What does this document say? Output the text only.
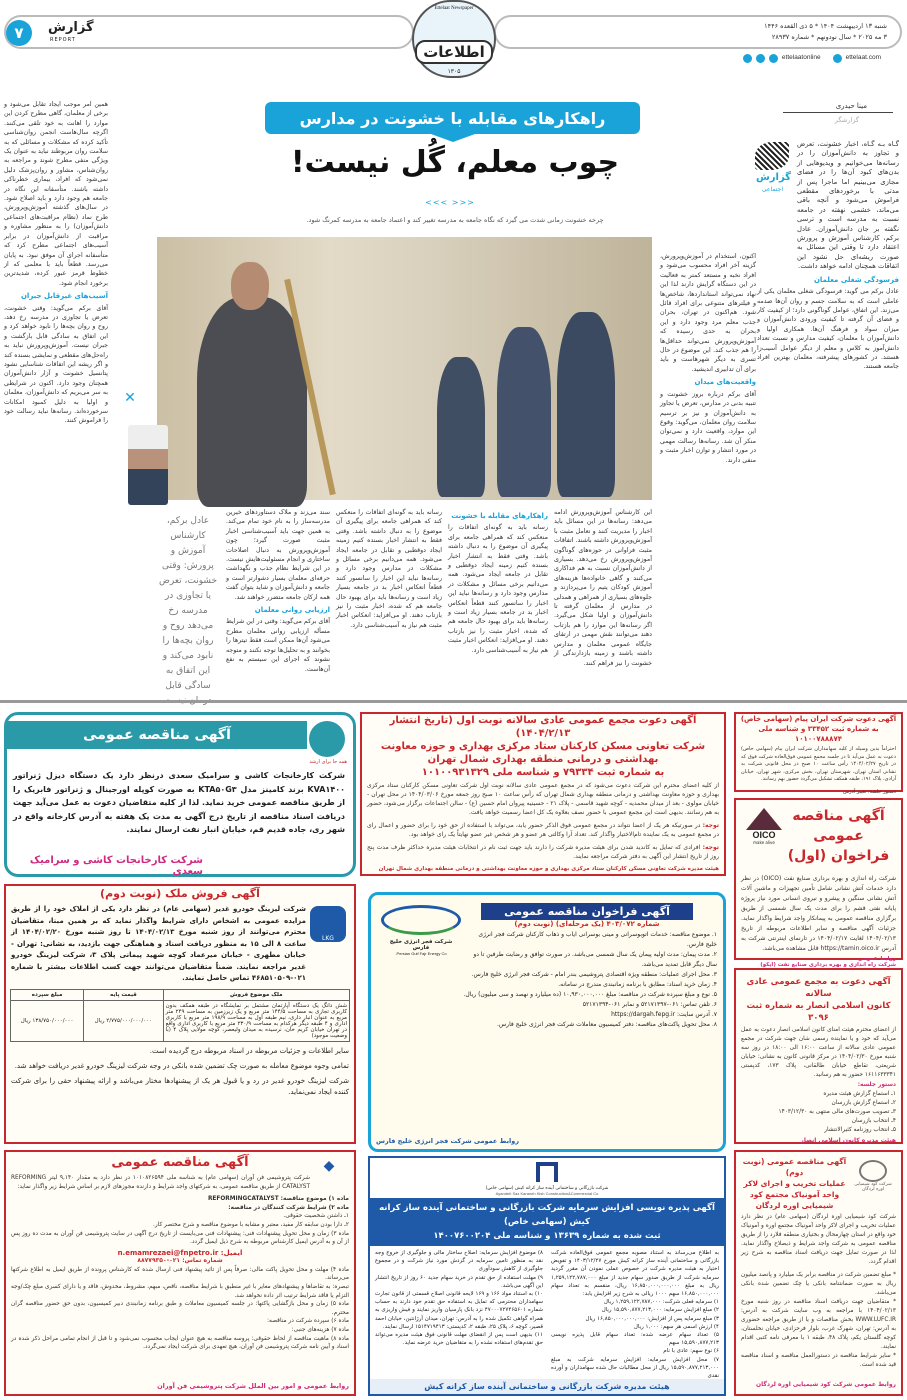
۷	گزارش
REPORT
Ettelaat Newspaper
اطلاعات
۱۳۰۵
شنبه ۱۳ اردیبهشت ۱۴۰۴ * ۵ ذی القعده ۱۴۴۶
۳ مه ۲۰۲۵ * سال نودونهم * شماره ۲۸۹۳۷
ettelaatonline	ettelaat.com
راهکارهای مقابله با خشونت در مدارس
چوب معلم، گُل نیست!
<<< >>>
چرخه خشونت زمانی شدت می گیرد که نگاه جامعه به مدرسه تغییر کند و اعتماد جامعه به مدرسه کمرنگ شود.
مینا حیدری
گزارشگر
گزارش
اجتماعی
گـاه بـه گـاه، اخبار خشونت، تعرض و تجاوز به دانش‌آموزان را در رسانه‌ها می‌خوانیم و ویدیوهایی از بدن‌های کبود آن‌ها را در فضای مجازی می‌بینیم اما ماجرا پس از مدتی با برخوردهای مقطعی فراموش می‌شود و آنچه باقی می‌ماند، خشمی نهفته در جامعه نسبت به مدرسه است و ترسی نگفته بر جان دانش‌آموزان. عادل برکم، کارشناس آموزش و پرورش اعتقاد دارد تا وقتی این مسائل به صورت ریشه‌ای حل نشود این اتفاقات همچنان ادامه خواهد داشت.
فرسودگی شغلی معلمان
عادل برکم می گوید: فرسودگی شغلی معلمان یکی از عاملی است که به سلامت جسم و روان آن‌ها صدمه می‌زند. این اتفاق، عوامل گوناگونی دارد؛ از کیفیت کار و فضای آن گرفته تا کیفیت ورودی دانش‌آموزان و میزان سواد و فرهنگ آن‌ها. همکاری اولیا و دانش‌آموزان با معلمان، کیفیت مدارس و نسبت تعداد دانش‌آموز به کلاس و معلم از دیگر عوامل آسیب‌زا هستند. در کشورهای پیشرفته، معلمان بهترین افراد جامعه هستند.
اکنون، استخدام در آموزش‌وپرورش، گزینه آخر افراد محسوب می‌شود و افراد نخبه و مستعد کمتر به فعالیت در این دستگاه گرایش دارند لذا این نهاد نمی‌تواند استانداردها، شاخص‌ها و فیلترهای متنوعی برای افراد قائل شود. هم‌اکنون در تهران، بحران جذب معلم مرد وجود دارد و این بحران به حدی رسیده که آموزش‌وپرورش نمی‌تواند حداقل‌ها را هم جذب کند. این موضوع در حال تسری به دیگر شهرهاست و باید برای آن تدابیری اندیشید.
واقعیت‌های میدان
آقای برکم درباره بروز خشونت و تنبیه بدنی در مدارس، تعرض یا تجاوز به دانش‌آموزان و نیز بر ترسیم سلامت روان معلمان، می‌گوید: وقوع این موارد، واقعیت دارد و نمی‌توان منکر آن شد. رسانه‌ها رسالت مهمی در مورد انتشار و توازن اخبار مثبت و منفی دارند.
این کارشناس آموزش‌وپرورش ادامه می‌دهد: رسانه‌ها در این مسائل باید اخبار را مدیریت کنند و تعامل مثبت با آموزش‌وپرورش داشته باشند. اتفاقات مثبت فراوانی در حوزه‌های گوناگون آموزش‌وپرورش رخ می‌دهد. بسیاری از دانش‌آموزان نسبت به هم فداکاری می‌کنند و گاهی خانواده‌ها هزینه‌های آموزش کودکان یتیم را می‌پردازند و جلوه‌های بسیاری از همراهی و همدلی در مدارس از معلمان گرفته تا دانش‌آموزان و اولیا شکل می‌گیرد. اگر رسانه‌ها این موارد را هم بازتاب دهند می‌توانند نقش مهمی در ارتقای جایگاه عمومی معلمان و مدارس داشته باشند و زمینه بازدارندگی از خشونت را نیز فراهم کنند.
راهکارهای مقابله با خشونت
رسانه باید به گونه‌ای اتفاقات را منعکس کند که همراهی جامعه برای پیگیری آن موضوع را به دنبال داشته باشد. وقتی فقط به انتشار اخبار بسنده کنیم زمینه ایجاد دوقطبی و تقابل در جامعه ایجاد می‌شود. همه می‌دانیم برخی مسائل و مشکلات در مدارس وجود دارد و رسانه‌ها نباید این اخبار را سانسور کنند قطعاً انعکاس اخبار بد در جامعه بسیار زیاد است و رسانه‌ها باید برای بهبود حال جامعه هم که شده، اخبار مثبت را نیز بازتاب دهند. او می‌افزاید: انعکاس اخبار مثبت هم نیاز به آسیب‌شناسی دارد.
رسانه باید به گونه‌ای اتفاقات را منعکس کند که همراهی جامعه برای پیگیری آن موضوع را به دنبال داشته باشد. وقتی فقط به انتشار اخبار بسنده کنیم زمینه ایجاد دوقطبی و تقابل در جامعه ایجاد می‌شود. همه می‌دانیم برخی مسائل و مشکلات در مدارس وجود دارد و رسانه‌ها نباید این اخبار را سانسور کنند قطعاً انعکاس اخبار بد در جامعه بسیار زیاد است و رسانه‌ها باید برای بهبود حال جامعه هم که شده، اخبار مثبت را نیز بازتاب دهند. او می‌افزاید: انعکاس اخبار مثبت هم نیاز به آسیب‌شناسی دارد.
سند می‌زند و ملاک دستاوردهای خیرین مدرسه‌ساز را به نام خود تمام می‌کند. به همین جهت باید آسیب‌شناسی اخبار مثبت صورت گیرد؛ چون آموزش‌وپرورش به دنبال اصلاحات ساختاری و انجام مسئولیت‌هایش نیست. در این شرایط نظام جذب و نگهداشت حرفه‌ای معلمان بسیار دشوارتر است و جامعه و دانش‌آموزان و شاید بتوان گفت همه ارکان جامعه متضرر خواهند شد.
ارزیابی روانی معلمان
آقای برکم می‌گوید: وقتی در این شرایط مسأله ارزیابی روانی معلمان مطرح می‌شود آن‌ها ممکن است فقط تیترها را بخوانند و به تحلیل‌ها توجه نکنند و متوجه نشوند که اجرای این سیستم به نفع آن‌هاست.
عادل برکم، کارشناس آموزش و پرورش: وقتی خشونت، تعرض یا تجاوزی در مدرسه رخ می‌دهد روح و روان بچه‌ها را نابود می‌کند و این اتفاق به سادگی قابل درمان نیست
✕
همین امر موجب ایجاد تقابل می‌شود و برخی از معلمان، گاهی مطرح کردن این موارد را اهانت به خود تلقی می‌کنند. اگرچه سال‌هاست انجمن روان‌شناسی تأکید کرده که مشکلات و مسائلی که به سلامت روان مربوطند نباید به عنوان یک ویژگی منفی مطرح شوند و مراجعه به روان‌شناس، مشاور و روان‌پزشک دلیل نمی‌شود که افراد، بیماری خطرناکی داشته باشند. متأسفانه این نگاه در جامعه هم وجود دارد و باید اصلاح شود. در سال‌های گذشته آموزش‌وپرورش، طرح نماد (نظام مراقبت‌های اجتماعی دانش‌آموزان) را به منظور مشاوره و مراقبت از دانش‌آموزان در برابر آسیب‌های اجتماعی مطرح کرد که متأسفانه اجرای آن موفق نبود. به پایان می‌رسد. قطعاً باید با معلمی که از خطوط قرمز عبور کرده، شدیدترین برخورد انجام شود.
آسیب‌های غیرقابل جبران
آقای برکم می‌گوید: وقتی خشونت، تعرض یا تجاوزی در مدرسه رخ دهد، روح و روان بچه‌ها را نابود خواهد کرد و این اتفاق به سادگی قابل بازگشت و جبران نیست. آموزش‌وپرورش نباید به راه‌حل‌های مقطعی و نمایشی بسنده کند و اگر ریشه این اتفاقات شناسایی نشود پتانسیل خشونت و آزار دانش‌آموزان همچنان وجود دارد. اکنون در شرایطی به سر می‌بریم که دانش‌آموزان، معلمان و اولیا به دلیل کمبود امکانات سرخورده‌اند. رسانه‌ها نباید رسالت خود را فراموش کنند.
آگهی مناقصه عمومی
همه جا برای ارشد
شرکت کارخانجات کاشی و سرامیک سعدی درنظر دارد یک دستگاه دیزل ژنراتور KVA۱۴۰۰ برند کامینز مدل KTA۵۰G۳ به صورت کوپله اورجینال و ژنراتور فابریک را از طریق مناقصه عمومی خرید نماید. لذا از کلیه متقاضیان دعوت به عمل می‌آید جهت دریافت اسناد مناقصه از تاریخ درج آگهی به مدت یک هفته به آدرس کارخانه واقع در شهر ری، جاده قدیم قم، خیابان انبار نفت ارسال نمایند.
شرکت کارخانجات کاشی و سرامیک سعدی
آگهی دعوت مجمع عمومی عادی سالانه نوبت اول (تاریخ انتشار ۱۴۰۴/۲/۱۳)
شرکت تعاونی مسکن کارکنان ستاد مرکزی بهداری و حوزه معاونت بهداشتی و درمانی منطقه بهداری شمال تهران
به شماره ثبت ۷۹۳۳۴ و شناسه ملی ۱۰۱۰۰۹۳۱۳۲۹
از کلیه اعضای محترم این شرکت دعوت می‌شود که در مجمع عمومی عادی سالانه نوبت اول شرکت تعاونی مسکن کارکنان ستاد مرکزی بهداری و حوزه معاونت بهداشتی و درمانی منطقه بهداری شمال تهران که رأس ساعت ۱۰ صبح روز جمعه مورخ ۱۴۰۴/۰۳/۰۶ در محل تهران - خیابان مولوی - بعد از میدان محمدیه - کوچه شهید قاسمی - پلاک ۲۱ - حسینیه پیروان امام حسین (ع) - سالن اجتماعات برگزار می‌شود، حضور به هم رسانند. بدیهی است این مجمع عمومی با حضور نصف بعلاوه یک کل اعضا رسمیت خواهد یافت.
توجه: در صورتیکه هر یک از اعضا نتواند در مجمع عمومی فوق الذکر حضور یابد، می‌تواند با استفاده از حق خود را برای حضور و اعمال رای در مجمع عمومی به یک نماینده تام‌الاختیار واگذار کند. تعداد آرا وکالتی هر عضو و هر شخص غیر عضو نهایتاً یک رای خواهد بود.
توجه: افرادی که تمایل به کاندید شدن برای هیئت مدیره شرکت را دارند باید جهت ثبت نام در انتخابات هیئت مدیره حداکثر ظرف مدت پنج روز از تاریخ انتشار این آگهی به دفتر شرکت مراجعه نمایند.
هیئت مدیره شرکت تعاونی مسکن کارکنان ستاد مرکزی بهداری و حوزه معاونت بهداشتی و درمانی منطقه بهداری شمال تهران
آگهی دعوت شرکت ایران پیام (سهامی خاص)
به شماره ثبت ۳۳۴۵۲ و شناسه ملی ۱۰۱۰۰۷۸۸۸۷۴
احتراماً بدین وسیله از کلیه سهامداران شرکت ایران پیام (سهامی خاص) دعوت به عمل می‌آید تا در جلسه مجمع عمومی فوق‌العاده شرکت فوق که در تاریخ ۱۴۰۴/۰۲/۲۷ رأس ساعت ۱۰ صبح در محل قانونی شرکت به نشانی استان تهران، شهرستان تهران، بخش مرکزی، شهر تهران، خیابان آزادی، پلاک ۱۹۱، طبقه همکف تشکیل می‌گردد حضور بهم رسانند.
دستور جلسه: تغییر آدرس
OICO
make alive
آگهی مناقصه عمومی
فراخوان (اول)
شرکت راه اندازی و بهره برداری صنایع نفت (OICO) در نظر دارد خدمات آتش نشانی شامل تأمین تجهیزات و ماشین آلات آتش نشانی سنگین و پیشرو و نیروی انسانی مورد نیاز پروژه پایانه نفتی قشم را برای مدت یک سال شمسی از طریق برگزاری مناقصه عمومی به پیمانکار واجد شرایط واگذار نماید. جزئیات آگهی مناقصه و سایر اطلاعات مربوطه از تاریخ ۱۴۰۴/۰۲/۱۳ لغایت ۱۴۰۴/۰۲/۱۷ در تارنمای اینترنتی شرکت به آدرس https://tamin.oico.ir قابل مشاهده می‌باشد.
روابط عمومی
شرکت راه اندازی و بهره برداری صنایع نفت (ایکو)
آگهی فروش ملک (نوبت دوم)
LKG
شرکت لیزینگ خودرو غدیر (سهامی عام) در نظر دارد یکی از املاک خود را از طریق مزایده عمومی به اشخاص دارای شرایط واگذار نماید که بر همین مبنا، متقاضیان محترم می‌توانند از روز شنبه مورخ ۱۴۰۴/۰۲/۱۳ تا روز شنبه مورخ ۱۴۰۴/۰۲/۲۰ از ساعت ۸ الی ۱۵ به منظور دریافت اسناد و هماهنگی جهت بازدید، به نشانی: تهران - خیابان مطهری - خیابان میرعماد کوچه شهید پیمانی پلاک ۳، شرکت لیزینگ خودرو غدیر مراجعه نمایند. ضمناً متقاضیان می‌توانند جهت کسب اطلاعات بیشتر با شماره ۰۲۱-۴۶۸۵۱۰۵۰۹ تماس حاصل نمایند.
ملک موضوع فروش	قیمت پایه	مبلغ سپرده
شش دانگ یک دستگاه آپارتمان مشتمل بر نمایشگاه در طبقه همکف بدون کاربری تجاری به مساحت ۱۴۴/۵ متر مربع و یک زیرزمین به مساحت ۲۴۹ متر مربع به عنوان انبار داری، نیم طبقه اول به مساحت ۱۹۸/۹ متر مربع با کاربری اداری و ۴ طبقه دیگر هرکدام به مساحت ۲۳۰/۹ متر مربع با کاربری اداری واقع در تهران خیابان کریم خان، نرسیده به میدان ولیعصر، کوچه مولایی پلاک ۴ (با وضعیت موجود)	۲/۷۷۵/۰۰۰/۰۰۰/۰۰۰ ریال	۱۳۸/۷۵۰/۰۰۰/۰۰۰ ریال
سایر اطلاعات و جزئیات مربوطه در اسناد مربوطه درج گردیده است.
تمامی وجوه موضوع معامله به صورت چک تضمین شده بانکی در وجه شرکت لیزینگ خودرو غدیر دریافت خواهد شد.
شرکت لیزینگ خودرو غدیر در رد و یا قبول هر یک از پیشنهادها مختار می‌باشد و ارائه پیشنهاد حقی را برای شرکت کننده ایجاد نمی‌نماید.
شرکت فجر انرژی خلیج فارس
Persian Gulf Fajr Energy Co.
آگهی فراخوان مناقصه عمومی
شماره ۴۰۳/۰۷۲ (یک مرحله‌ای) (نوبت دوم)
۱. موضوع مناقصه: خدمات اتوبوسرانی و مینی بوسرانی ایاب و ذهاب کارکنان شرکت فجر انرژی خلیج فارس.
۲. مدت پیمان: مدت اولیه پیمان یک سال شمسی می‌باشد. در صورت توافق و رضایت طرفین تا دو سال دیگر قابل تمدید می‌باشد.
۳. محل اجرای عملیات: منطقه ویژه اقتصادی پتروشیمی بندر امام - شرکت فجر انرژی خلیج فارس.
۴. زمان خرید اسناد: مطابق با برنامه زمانبندی مندرج در سامانه.
۵. نوع و مبلغ سپرده شرکت در مناقصه: مبلغ ۱۰,۹۳۰,۰۰۰,۰۰۰ (ده میلیارد و نهصد و سی میلیون) ریال.
۶. تلفن تماس: ۰۶۱-۵۲۱۷۱۳۹۷ و نمابر ۰۶۱-۵۲۱۷۱۳۹۴
۷. آدرس سایت: https://dargah.fepg.ir
۸. محل تحویل پاکت‌های مناقصه: دفتر کمیسیون معاملات شرکت فجر انرژی خلیج فارس.
روابط عمومی شرکت فجر انرژی خلیج فارس
آگهی دعوت به مجمع عمومی عادی سالانه
کانون اسلامی انصار به شماره ثبت ۳۰۹۶
از اعضای محترم هیئت امنای کانون اسلامی انصار دعوت به عمل می‌آید که خود و یا نماینده رسمی شان جهت شرکت در مجمع عمومی عادی سالانه از ساعت ۱۶:۰۰ الی ۱۸:۰۰ در روز سه شنبه مورخ ۱۴۰۴/۰۲/۳۰ در مرکز قانونی کانون به نشانی: خیابان شریعتی، تقاطع خیابان طالقانی، پلاک ۱۷۳، کدپستی ۱۶۱۱۶۳۳۳۴۱ حضور به هم رسانید.
دستور جلسه:
۱ـ استماع گزارش هیئت مدیره
۲ـ استماع گزارش بازرسان
۳ـ تصویب صورت‌های مالی منتهی به ۱۴۰۳/۱۲/۳۰
۴ـ انتخاب بازرسان
۵ـ انتخاب روزنامه کثیرالانتشار
هیئت مدیره کانون اسلامی انصار
◆
آگهی مناقصه عمومی
شرکت پتروشیمی فن آوران (سهامی عام) به شناسه ملی ۱۰۱۰۸۲۶۵۹۴ در نظر دارد به مقدار ۹,۱۴۰ لیتر REFORMING CATALYST از طریق مناقصه عمومی، به شرکتهای واجد شرایط و دارنده مجوزهای لازم بر اساس شرایط زیر واگذار نماید:
ماده ۱) موضوع مناقصه: REFORMINGCATALYST
ماده ۲) شرایط شرکت کنندگان در مناقصه:
۱ـ داشتن شخصیت حقوقی.
۲ـ دارا بودن سابقه کار مفید، معتبر و مشابه با موضوع مناقصه و شرح مختصر کار.
ماده ۳) زمان و محل تحویل پیشنهادات فنی: پیشنهادات فنی می‌بایست از تاریخ درج آگهی در سایت پتروشیمی فن آوران به مدت ده روز پس از آن و به آدرس ایمیل کارشناس مربوطه به شرح ذیل ایمیل گردد.
ایمیل: n.emamrezaei@fnpetro.ir
شماره تماس: ۰۲۱-۸۸۷۷۹۳۵۰
ماده ۴) مهلت و محل تحویل پاکت مالی: صرفاً پس از تائید پیشنهاد فنی ارسال شده که کارشناس پرونده از طریق ایمیل به اطلاع شرکتها می‌رساند.
تبصره: به تقاضاها و پیشنهادهای مغایر با غیر منطبق با شرایط مناقصه، ناقص، مبهم، مشروط، مخدوش، فاقد و یا دارای کسری مبلغ چک/وجه التزام یا فاقد شرایط ترتیب اثر داده نخواهد شد.
ماده ۵) زمان و محل بازگشایی پاکتها: در جلسه کمیسیون معاملات و طبق برنامه زمانبندی دبیر کمیسیون، بدون حق حضور مناقصه گران محترم.
ماده ۶) سپرده شرکت در مناقصه:
ماده ۷) هزینه‌های جنبی:
ماده ۸) ماهیت مناقصه از لحاظ حقوقی: پروسه مناقصه به هیچ عنوان ایجاب محسوب نمی‌شود و تا قبل از انجام تمامی مراحل ذکر شده در اسناد و آیین نامه شرکت پتروشیمی فن آوران، هیچ تعهدی برای شرکت ایجاد نمی‌گردد.
روابط عمومی و امور بین الملل شرکت پتروشیمی فن آوران
شرکت بازرگانی و ساختمانی آینده ساز کرانه کیش (سهامی خاص)
Ayandeh Saz Karaneh Kish Construction&Commercial Co
آگهی پذیره نویسی افزایش سرمایه شرکت بازرگانی و ساختمانی آینده ساز کرانه کیش (سهامی خاص)
ثبت شده به شماره ۱۳۶۳۹ و شناسه ملی ۱۴۰۰۷۶۰۰۲۰۴
به اطلاع می‌رساند به استناد مصوبه مجمع عمومی فوق‌العاده شرکت بازرگانی و ساختمانی آینده ساز کرانه کیش مورخ ۱۴۰۳/۱۲/۲۷ و تفویض اختیار به هیئت مدیره شرکت در خصوص عملی نمودن آن مقرر گردید سرمایه شرکت از طریق صدور سهام جدید از مبلغ ۱,۲۵۹,۱۲۲,۷۸۷,۰۰۰ ریال به مبلغ ۱۶,۸۵۰,۰۰۰,۰۰۰,۰۰۰ ریال، منقسم به تعداد سهام ۱۶,۸۵۰,۰۰۰,۰۰۰ سهم ۱۰۰۰ ریالی به شرح زیر افزایش یابد:
۱) سرمایه فعلی شرکت: ۱,۲۵۹,۱۲۲,۷۸۷,۰۰۰ ریال
۲) مبلغ افزایش سرمایه: ۱۵,۵۹۰,۸۷۷,۲۱۳,۰۰۰ ریال
۳) مبلغ سرمایه پس از افزایش: ۱۶,۸۵۰,۰۰۰,۰۰۰,۰۰۰ ریال
۴) ارزش اسمی هر سهم: ۱,۰۰۰ ریال
۵) تعداد سهام عرضه شده: تعداد سهام قابل پذیره نویسی ۱۵,۵۹۰,۸۷۷,۲۱۳ سهم
۶) نوع سهم: عادی با نام
۷) محل افزایش سرمایه: افزایش سرمایه شرکت به مبلغ ۱۵,۵۹۰,۸۷۷,۲۱۳,۰۰۰ ریال از محل مطالبات حال شده سهامداران و آورده نقدی
۸) موضوع افزایش سرمایه: اصلاح ساختار مالی و جلوگیری از خروج وجه نقد به منظور تامین سرمایه در گردش مورد نیاز شرکت و در مجموع جلوگیری از کاهش سودآوری
۹) مهلت استفاده از حق تقدم در خرید سهام جدید ۶۰ روز از تاریخ انتشار این آگهی می‌باشد.
۱۰) به استناد مواد ۱۶۶ و ۱۶۹ لایحه قانونی اصلاح قسمتی از قانون تجارت سهامداران محترمی که تمایل به استفاده حق تقدم خود دارند به حساب شماره ۴۷۰۰۰۷۲۷۴۶۵۶۰۱ نزد بانک پارسیان واریز نمایند و فیش واریزی به همراه گواهی تکمیل شده را به آدرس: تهران، میدان آرژانتین، خیابان احمد قصیر، کوچه ۶، پلاک ۲۵، طبقه ۲، کدپستی: ۱۵۱۴۷۱۹۴۱۳ ارسال نمایند.
۱۱) بدیهی است پس از انقضای مهلت قانونی فوق هیئت مدیره می‌تواند حق تقدم‌های استفاده نشده را به متقاضیان خرید عرضه نماید.
هیئت مدیره شرکت بازرگانی و ساختمانی آینده ساز کرانه کیش
شرکت کود شیمیایی اوره لردگان
آگهی مناقصه عمومی (نوبت دوم)
عملیات تخریب و اجرای لاکر واحد آمونیاک مجتمع کود شیمیایی اوره لردگان
شرکت کود شیمیایی اوره لردگان (سهامی عام) در نظر دارد عملیات تخریب و اجرای لاکر واحد آمونیاک مجتمع اوره و آمونیاک خود واقع در استان چهارمحال و بختیاری منطقه فلارد را از طریق مناقصه عمومی به شرکت واجد شرایط و ذیصلاح واگذار نماید. لذا در صورت تمایل جهت دریافت اسناد مناقصه به شرح زیر اقدام گردد.
* مبلغ تضمین شرکت در مناقصه برابر یک میلیارد و پانصد میلیون ریال به صورت ضمانتنامه بانکی یا چک تضمین شده بانکی می‌باشد.
* متقاضیان جهت دریافت اسناد مناقصه در روز شنبه مورخ ۱۴۰۴/۰۲/۱۳ با مراجعه به وب سایت شرکت به آدرس: WWW.LUFC.IR بخش مناقصات و یا از طریق مراجعه حضوری به آدرس: تهران، شهرک غرب، بلوار فرحزادی، خیابان نخلستان، کوچه گلستان یکم، پلاک ۴۸، طبقه ۱ با معرفی نامه کتبی اقدام نمایند.
* سایر شرایط مناقصه در دستورالعمل مناقصه و اسناد مناقصه قید شده است.
روابط عمومی شرکت کود شیمیایی اوره لردگان
